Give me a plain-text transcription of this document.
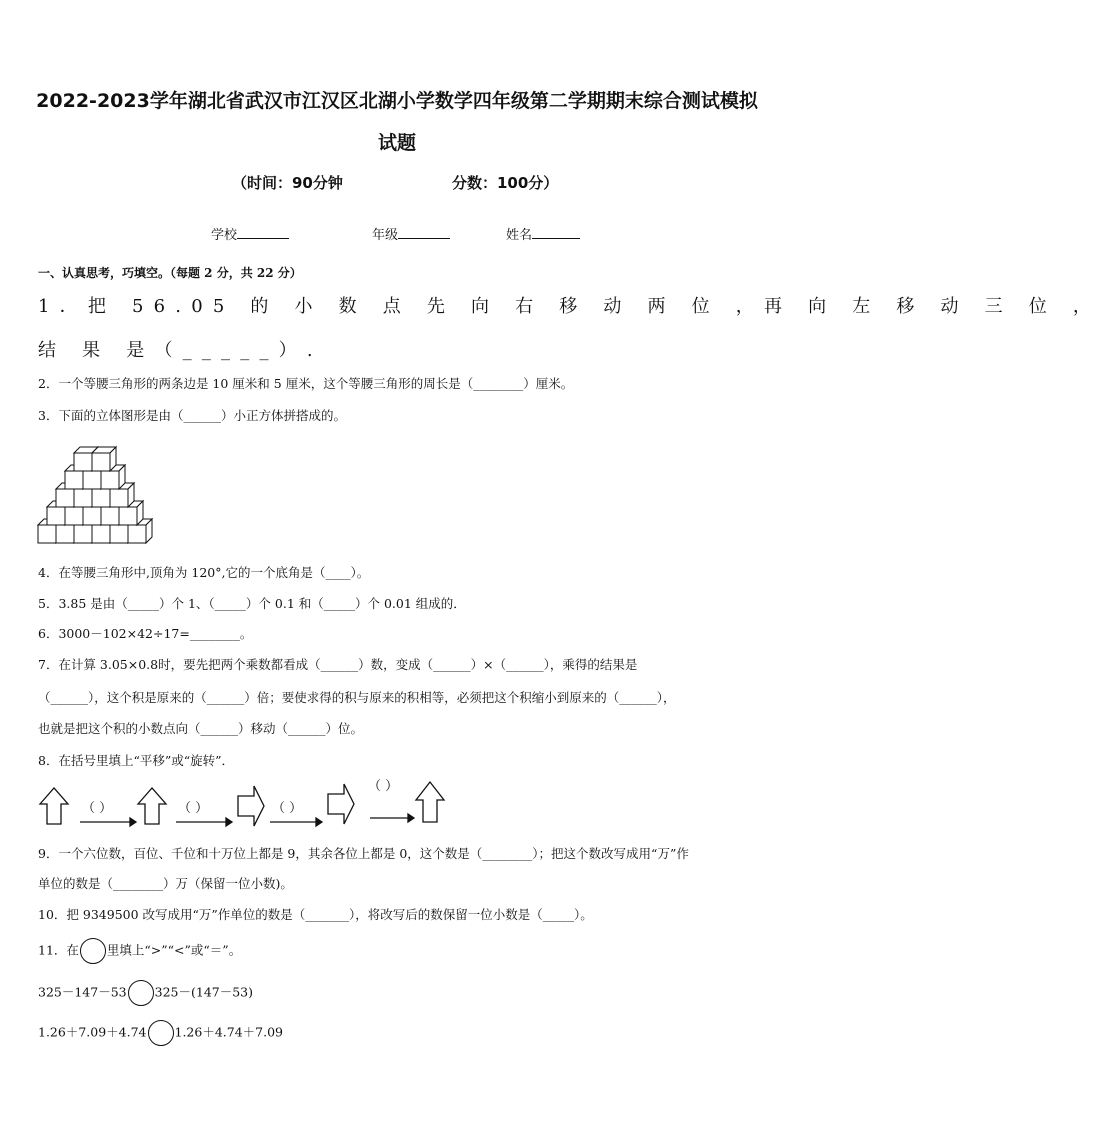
2022-2023学年湖北省武汉市江汉区北湖小学数学四年级第二学期期末综合测试模拟
试题
（时间：90分钟	分数：100分）
学校	年级	姓名
一、认真思考，巧填空。（每题 2 分，共 22 分）
1．把 56.05 的 小 数 点 先 向 右 移 动 两 位 ，再 向 左 移 动 三 位 ，
结 果 是（_____）.
2．一个等腰三角形的两条边是 10 厘米和 5 厘米，这个等腰三角形的周长是（________）厘米。
3．下面的立体图形是由（______）小正方体拼搭成的。
4．在等腰三角形中,顶角为 120°,它的一个底角是（____）。
5．3.85 是由（_____）个 1、（_____）个 0.1 和（_____）个 0.01 组成的．
6．3000－102×42÷17=________。
7．在计算 3.05×0.8时，要先把两个乘数都看成（______）数，变成（______）×（______），乘得的结果是
（______），这个积是原来的（______）倍；要使求得的积与原来的积相等，必须把这个积缩小到原来的（______），
也就是把这个积的小数点向（______）移动（______）位。
8．在括号里填上“平移”或“旋转”．
（ ）	（ ）	（ ）
（ ）
9．一个六位数，百位、千位和十万位上都是 9，其余各位上都是 0，这个数是（________）；把这个数改写成用“万”作
单位的数是（________）万（保留一位小数)。
10．把 9349500 改写成用“万”作单位的数是（_______），将改写后的数保留一位小数是（_____）。
11．在 里填上“>”“<”或“＝”。
325－147－53 325－(147－53)
1.26＋7.09＋4.74 1.26＋4.74＋7.09
